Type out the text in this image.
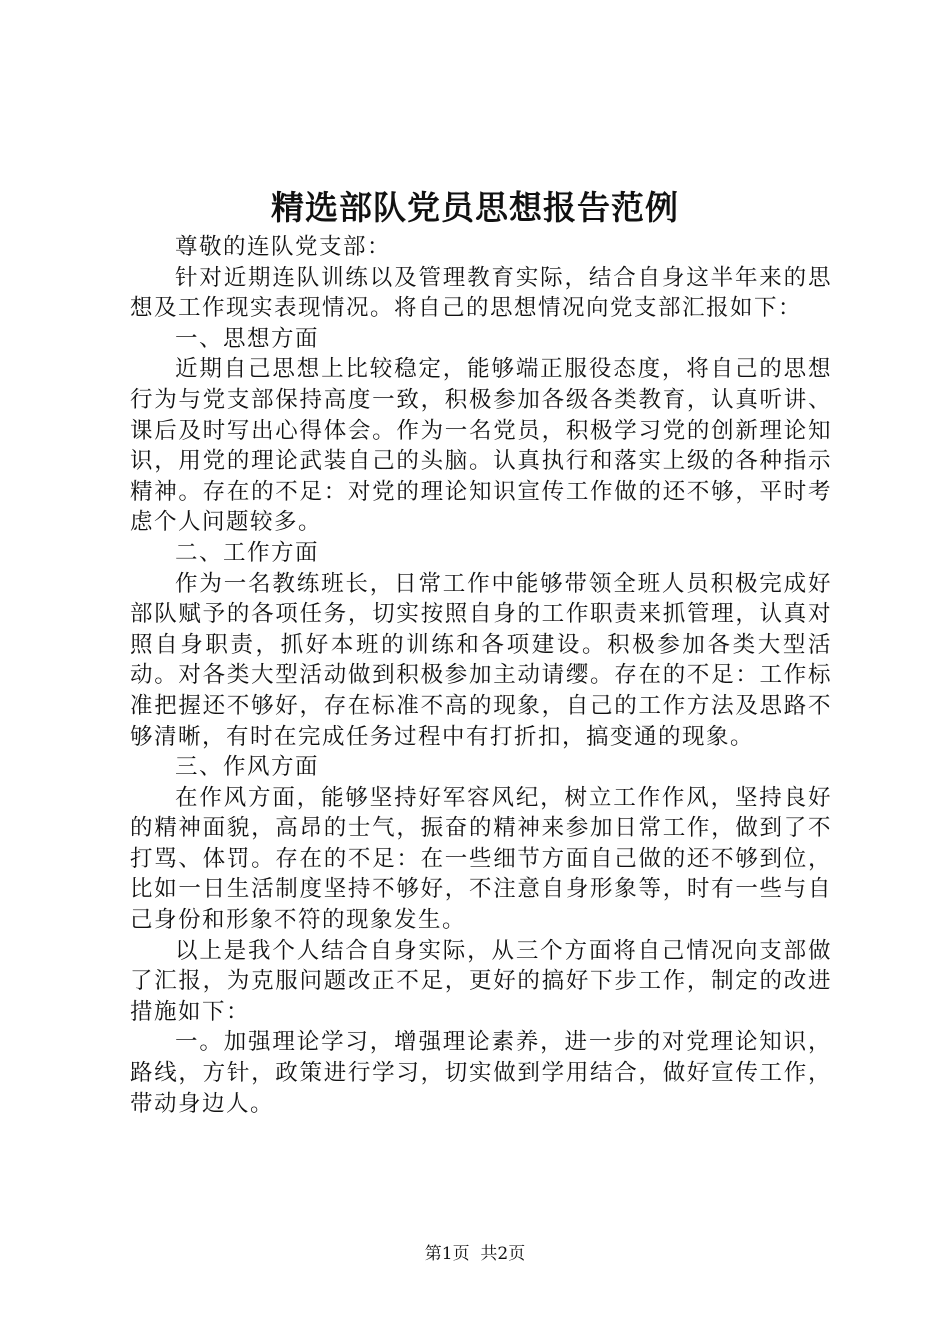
精选部队党员思想报告范例

尊敬的连队党支部：

针对近期连队训练以及管理教育实际，结合自身这半年来的思想及工作现实表现情况。将自己的思想情况向党支部汇报如下：

一、思想方面

近期自己思想上比较稳定，能够端正服役态度，将自己的思想行为与党支部保持高度一致，积极参加各级各类教育，认真听讲、课后及时写出心得体会。作为一名党员，积极学习党的创新理论知识，用党的理论武装自己的头脑。认真执行和落实上级的各种指示精神。存在的不足：对党的理论知识宣传工作做的还不够，平时考虑个人问题较多。

二、工作方面

作为一名教练班长，日常工作中能够带领全班人员积极完成好部队赋予的各项任务，切实按照自身的工作职责来抓管理，认真对照自身职责，抓好本班的训练和各项建设。积极参加各类大型活动。对各类大型活动做到积极参加主动请缨。存在的不足：工作标准把握还不够好，存在标准不高的现象，自己的工作方法及思路不够清晰，有时在完成任务过程中有打折扣，搞变通的现象。

三、作风方面

在作风方面，能够坚持好军容风纪，树立工作作风，坚持良好的精神面貌，高昂的士气，振奋的精神来参加日常工作，做到了不打骂、体罚。存在的不足：在一些细节方面自己做的还不够到位，比如一日生活制度坚持不够好，不注意自身形象等，时有一些与自己身份和形象不符的现象发生。

以上是我个人结合自身实际，从三个方面将自己情况向支部做了汇报，为克服问题改正不足，更好的搞好下步工作，制定的改进措施如下：

一。加强理论学习，增强理论素养，进一步的对党理论知识，路线，方针，政策进行学习，切实做到学用结合，做好宣传工作，带动身边人。

第1页 共2页
